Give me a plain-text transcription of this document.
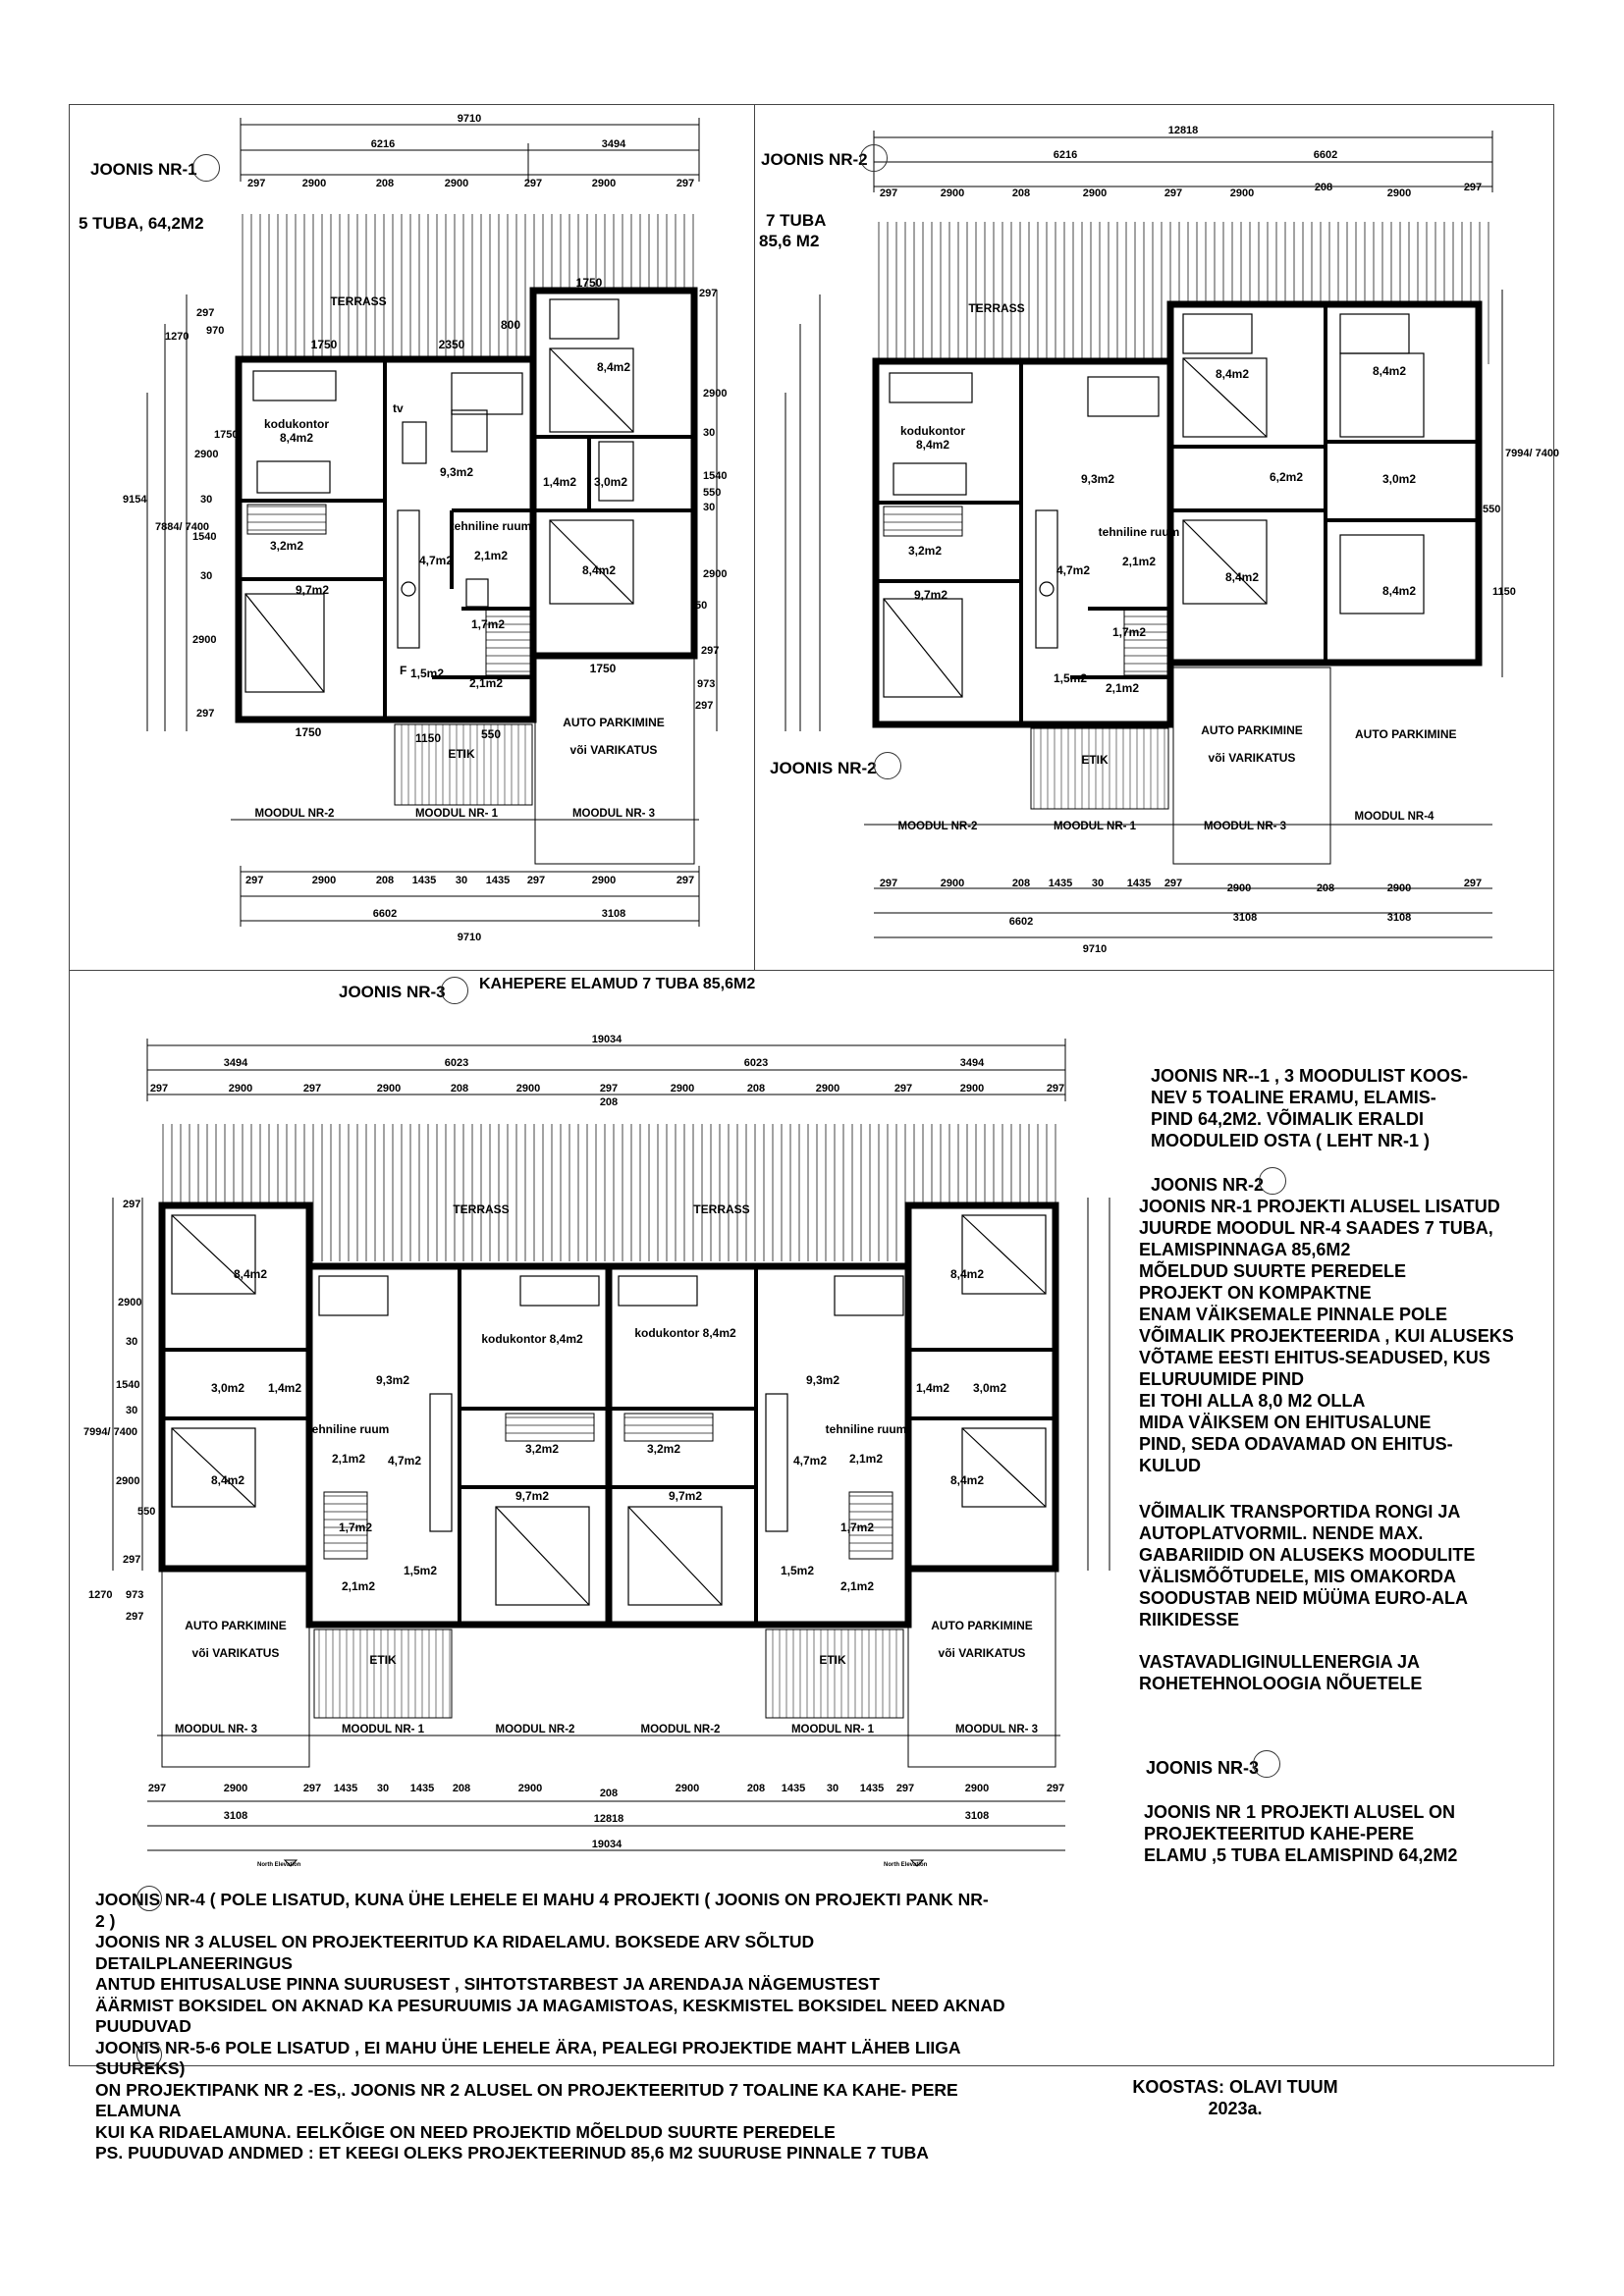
9710
6216	3494
297	2900	208	2900	297	2900	297
297	2900	208 1435 30 1435 297	2900	297
6602	3108
9710
297
970
1270
1750
2900
30
9154
7884/ 7400
1540
30
2900
297
297
2900
30
1540
550
30
2900
50
297
973
297
TERRASS
1750	2350
800
1750
kodukontor
8,4m2
9,3m2
tv
8,4m2
1,4m2 3,0m2
8,4m2
3,2m2
4,7m2
tehniline ruum
2,1m2
9,7m2
1,7m2
F 1,5m2
2,1m2
1750
1750	1150	550
ETIK
AUTO PARKIMINE
või VARIKATUS
MOODUL NR-2	MOODUL NR- 1	MOODUL NR- 3
12818
6216	6602
297	2900	208	2900	297	2900	208	2900	297
297	2900	208 1435 30 1435 297	2900	208	2900	297
6602	3108	3108
9710
7994/ 7400
550
1150
TERRASS
kodukontor
8,4m2
9,3m2
8,4m2	8,4m2
6,2m2	3,0m2
8,4m2
8,4m2
3,2m2
9,7m2
4,7m2
tehniline ruum
2,1m2
1,7m2
1,5m2
2,1m2
ETIK
AUTO PARKIMINE
või VARIKATUS
AUTO PARKIMINE
MOODUL NR-2	MOODUL NR- 1	MOODUL NR- 3
MOODUL NR-4
19034
3494	6023	6023	3494
297	2900	297	2900	208	2900	297
208
2900	208	2900	297	2900	297
297	2900	297 1435 30 1435 208	2900	208	2900	208 1435 30 1435 297	2900	297
3108	12818	3108
19034
297
2900
30
1540
30
7994/ 7400
2900
550
297
1270 973
297
TERRASS	TERRASS
8,4m2	8,4m2
kodukontor 8,4m2	kodukontor 8,4m2
9,3m2	9,3m2
3,0m2	3,0m2
1,4m2	1,4m2
tehniline ruum
2,1m2
tehniline ruum
2,1m2
4,7m2	4,7m2
3,2m2	3,2m2
9,7m2	9,7m2
8,4m2	8,4m2
1,7m2	1,7m2
1,5m2	1,5m2
2,1m2	2,1m2
ETIK	ETIK
AUTO PARKIMINE
või VARIKATUS
AUTO PARKIMINE
või VARIKATUS
MOODUL NR- 3	MOODUL NR- 1	MOODUL NR-2	MOODUL NR-2	MOODUL NR- 1	MOODUL NR- 3
North Elevation	North Elevation
JOONIS NR-1
5 TUBA, 64,2M2
JOONIS NR-2
7 TUBA
85,6 M2
JOONIS NR-2
JOONIS NR-3 KAHEPERE ELAMUD 7 TUBA 85,6M2
JOONIS NR--1 , 3 MOODULIST KOOS-
NEV 5 TOALINE ERAMU, ELAMIS-
PIND 64,2M2. VÕIMALIK ERALDI
MOODULEID OSTA ( LEHT NR-1 )
JOONIS NR-2
JOONIS NR-1 PROJEKTI ALUSEL LISATUD
JUURDE MOODUL NR-4 SAADES 7 TUBA,
ELAMISPINNAGA 85,6M2
MÕELDUD SUURTE PEREDELE
PROJEKT ON KOMPAKTNE
ENAM VÄIKSEMALE PINNALE POLE
VÕIMALIK PROJEKTEERIDA , KUI ALUSEKS
VÕTAME EESTI EHITUS-SEADUSED, KUS
ELURUUMIDE PIND
EI TOHI ALLA 8,0 M2 OLLA
MIDA VÄIKSEM ON EHITUSALUNE
PIND, SEDA ODAVAMAD ON EHITUS-
KULUD
VÕIMALIK TRANSPORTIDA RONGI JA
AUTOPLATVORMIL. NENDE MAX.
GABARIIDID ON ALUSEKS MOODULITE
VÄLISMÕÕTUDELE, MIS OMAKORDA
SOODUSTAB NEID MÜÜMA EURO-ALA
RIIKIDESSE
VASTAVADLIGINULLENERGIA JA
ROHETEHNOLOOGIA NÕUETELE
JOONIS NR-3
JOONIS NR 1 PROJEKTI ALUSEL ON
PROJEKTEERITUD KAHE-PERE
ELAMU ,5 TUBA ELAMISPIND 64,2M2
JOONIS NR-4 ( POLE LISATUD, KUNA ÜHE LEHELE EI MAHU 4 PROJEKTI ( JOONIS ON PROJEKTI PANK NR-
2 )
JOONIS NR 3 ALUSEL ON PROJEKTEERITUD KA RIDAELAMU. BOKSEDE ARV SÕLTUD
DETAILPLANEERINGUS
ANTUD EHITUSALUSE PINNA SUURUSEST , SIHTOTSTARBEST JA ARENDAJA NÄGEMUSTEST
ÄÄRMIST BOKSIDEL ON AKNAD KA PESURUUMIS JA MAGAMISTOAS, KESKMISTEL BOKSIDEL NEED AKNAD
PUUDUVAD
JOONIS NR-5-6 POLE LISATUD , EI MAHU ÜHE LEHELE ÄRA, PEALEGI PROJEKTIDE MAHT LÄHEB LIIGA
SUUREKS)
ON PROJEKTIPANK NR 2 -ES,. JOONIS NR 2 ALUSEL ON PROJEKTEERITUD 7 TOALINE KA KAHE- PERE
ELAMUNA
KUI KA RIDAELAMUNA. EELKÕIGE ON NEED PROJEKTID MÕELDUD SUURTE PEREDELE
PS. PUUDUVAD ANDMED : ET KEEGI OLEKS PROJEKTEERINUD 85,6 M2 SUURUSE PINNALE 7 TUBA
KOOSTAS: OLAVI TUUM
2023a.
